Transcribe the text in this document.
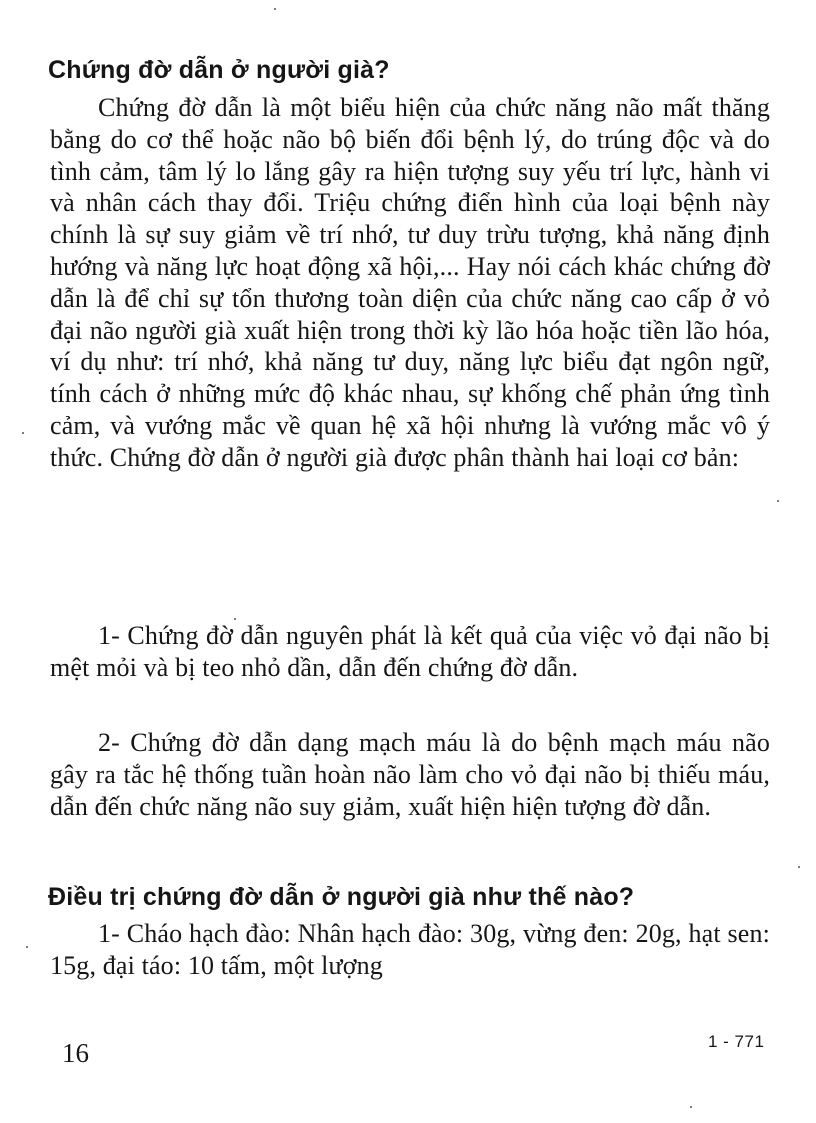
Chứng đờ dẫn ở người già?

Chứng đờ dẫn là một biểu hiện của chức năng não mất thăng bằng do cơ thể hoặc não bộ biến đổi bệnh lý, do trúng độc và do tình cảm, tâm lý lo lắng gây ra hiện tượng suy yếu trí lực, hành vi và nhân cách thay đổi. Triệu chứng điển hình của loại bệnh này chính là sự suy giảm về trí nhớ, tư duy trừu tượng, khả năng định hướng và năng lực hoạt động xã hội,... Hay nói cách khác chứng đờ dẫn là để chỉ sự tổn thương toàn diện của chức năng cao cấp ở vỏ đại não người già xuất hiện trong thời kỳ lão hóa hoặc tiền lão hóa, ví dụ như: trí nhớ, khả năng tư duy, năng lực biểu đạt ngôn ngữ, tính cách ở những mức độ khác nhau, sự khống chế phản ứng tình cảm, và vướng mắc về quan hệ xã hội nhưng là vướng mắc vô ý thức. Chứng đờ dẫn ở người già được phân thành hai loại cơ bản:

1- Chứng đờ dẫn nguyên phát là kết quả của việc vỏ đại não bị mệt mỏi và bị teo nhỏ dần, dẫn đến chứng đờ dẫn.

2- Chứng đờ dẫn dạng mạch máu là do bệnh mạch máu não gây ra tắc hệ thống tuần hoàn não làm cho vỏ đại não bị thiếu máu, dẫn đến chức năng não suy giảm, xuất hiện hiện tượng đờ dẫn.

Điều trị chứng đờ dẫn ở người già như thế nào?

1- Cháo hạch đào: Nhân hạch đào: 30g, vừng đen: 20g, hạt sen: 15g, đại táo: 10 tấm, một lượng

16	1 - 771
